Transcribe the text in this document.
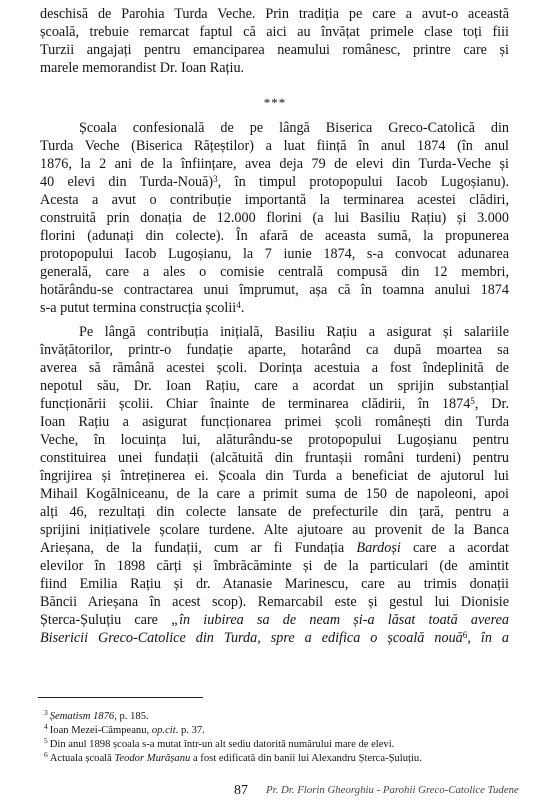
deschisă de Parohia Turda Veche. Prin tradiția pe care a avut-o această
școală, trebuie remarcat faptul că aici au învățat primele clase toți fiii
Turzii angajați pentru emanciparea neamului românesc, printre care și
marele memorandist Dr. Ioan Rațiu.
Școala confesională de pe lângă Biserica Greco-Catolică din
Turda Veche (Biserica Rățeștilor) a luat ființă în anul 1874 (în anul
1876, la 2 ani de la înființare, avea deja 79 de elevi din Turda-Veche și
40 elevi din Turda-Nouă)$^3$, în timpul protopopului Iacob Lugoșianu).
Acesta a avut o contribuție importantă la terminarea acestei clădiri,
construită prin donația de 12.000 florini (a lui Basiliu Rațiu) și 3.000
florini (adunați din colecte). În afară de aceasta sumă, la propunerea
protopopului Iacob Lugoșianu, la 7 iunie 1874, s-a convocat adunarea
generală, care a ales o comisie centrală compusă din 12 membri,
hotărându-se contractarea unui împrumut, așa că în toamna anului 1874
s-a putut termina construcția școlii$^4$.
Pe lângă contribuția inițială, Basiliu Rațiu a asigurat și salariile
învățătorilor, printr-o fundație aparte, hotarând ca după moartea sa
averea să rămână acestei școli. Dorința acestuia a fost îndeplinită de
nepotul său, Dr. Ioan Rațiu, care a acordat un sprijin substanțial
funcționării școlii. Chiar înainte de terminarea clădirii, în 1874$^5$, Dr.
Ioan Rațiu a asigurat funcționarea primei școli românești din Turda
Veche, în locuința lui, alăturându-se protopopului Lugoșianu pentru
constituirea unei fundații (alcătuită din fruntașii români turdeni) pentru
îngrijirea și întreținerea ei. Școala din Turda a beneficiat de ajutorul lui
Mihail Kogălniceanu, de la care a primit suma de 150 de napoleoni, apoi
alți 46, rezultați din colecte lansate de prefecturile din țară, pentru a
sprijini inițiativele școlare turdene. Alte ajutoare au provenit de la Banca
Arieșana, de la fundații, cum ar fi Fundația Bardoși care a acordat
elevilor în 1898 cărți și îmbrăcăminte și de la particulari (de amintit
fiind Emilia Rațiu și dr. Atanasie Marinescu, care au trimis donații
Băncii Arieșana în acest scop). Remarcabil este și gestul lui Dionisie
Șterca-Șuluțiu care „în iubirea sa de neam și-a lăsat toată averea
Bisericii Greco-Catolice din Turda, spre a edifica o școală nouă$^6$, în a
***
$^3$ Șematism 1876, p. 185.
$^4$ Ioan Mezei-Câmpeanu, op.cit. p. 37.
$^5$ Din anul 1898 școala s-a mutat într-un alt sediu datorită numărului mare de elevi.
$^6$ Actuala școală Teodor Murășanu a fost edificată din banii lui Alexandru Șterca-Șuluțiu.
87 Pr. Dr. Florin Gheorghiu - Parohii Greco-Catolice Tudene
